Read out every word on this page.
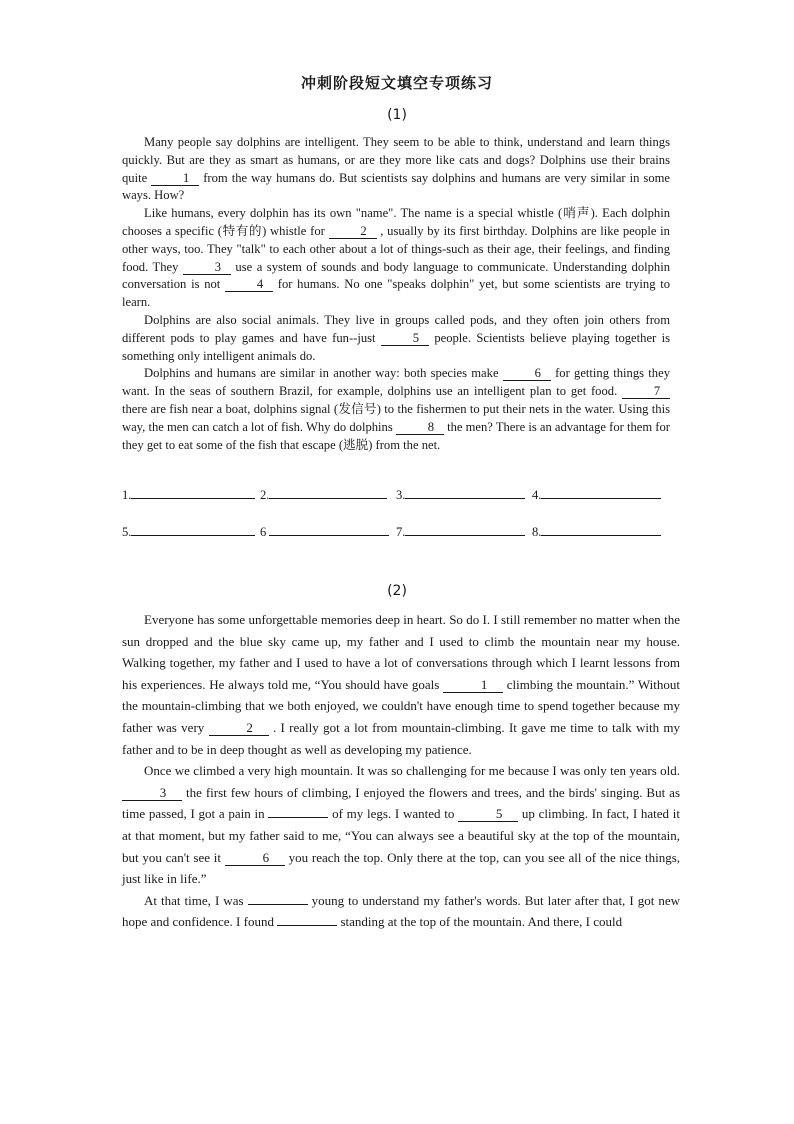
冲刺阶段短文填空专项练习
(1)

Many people say dolphins are intelligent. They seem to be able to think, understand and learn things quickly. But are they as smart as humans, or are they more like cats and dogs? Dolphins use their brains quite	1 from the way humans do. But scientists say dolphins and humans are very similar in some ways. How?

Like humans, every dolphin has its own "name". The name is a special whistle (哨声). Each dolphin chooses a specific (特有的) whistle for	2 , usually by its first birthday. Dolphins are like people in other ways, too. They "talk" to each other about a lot of things-such as their age, their feelings, and finding food. They	3 use a system of sounds and body language to communicate. Understanding dolphin conversation is not	4 for humans. No one "speaks dolphin" yet, but some scientists are trying to learn.

Dolphins are also social animals. They live in groups called pods, and they often join others from different pods to play games and have fun--just	5 people. Scientists believe playing together is something only intelligent animals do.

Dolphins and humans are similar in another way: both species make	6 for getting things they want. In the seas of southern Brazil, for example, dolphins use an intelligent plan to get food.	7 there are fish near a boat, dolphins signal (发信号) to the fishermen to put their nets in the water. Using this way, the men can catch a lot of fish. Why do dolphins	8 the men? There is an advantage for them for they get to eat some of the fish that escape (逃脱) from the net.

1.	2.	3.	4.
5.	6	7.	8.
(2)

Everyone has some unforgettable memories deep in heart. So do I. I still remember no matter when the sun dropped and the blue sky came up, my father and I used to climb the mountain near my house. Walking together, my father and I used to have a lot of conversations through which I learnt lessons from his experiences. He always told me, “You should have goals	1 climbing the mountain.” Without the mountain-climbing that we both enjoyed, we couldn't have enough time to spend together because my father was very	2 . I really got a lot from mountain-climbing. It gave me time to talk with my father and to be in deep thought as well as developing my patience.

Once we climbed a very high mountain. It was so challenging for me because I was only ten years old. 3 the first few hours of climbing, I enjoyed the flowers and trees, and the birds' singing. But as time passed, I got a pain in	of my legs. I wanted to	5 up climbing. In fact, I hated it at that moment, but my father said to me, “You can always see a beautiful sky at the top of the mountain, but you can't see it	6 you reach the top. Only there at the top, can you see all of the nice things, just like in life.”

At that time, I was	young to understand my father's words. But later after that, I got new hope and confidence. I found	standing at the top of the mountain. And there, I could
